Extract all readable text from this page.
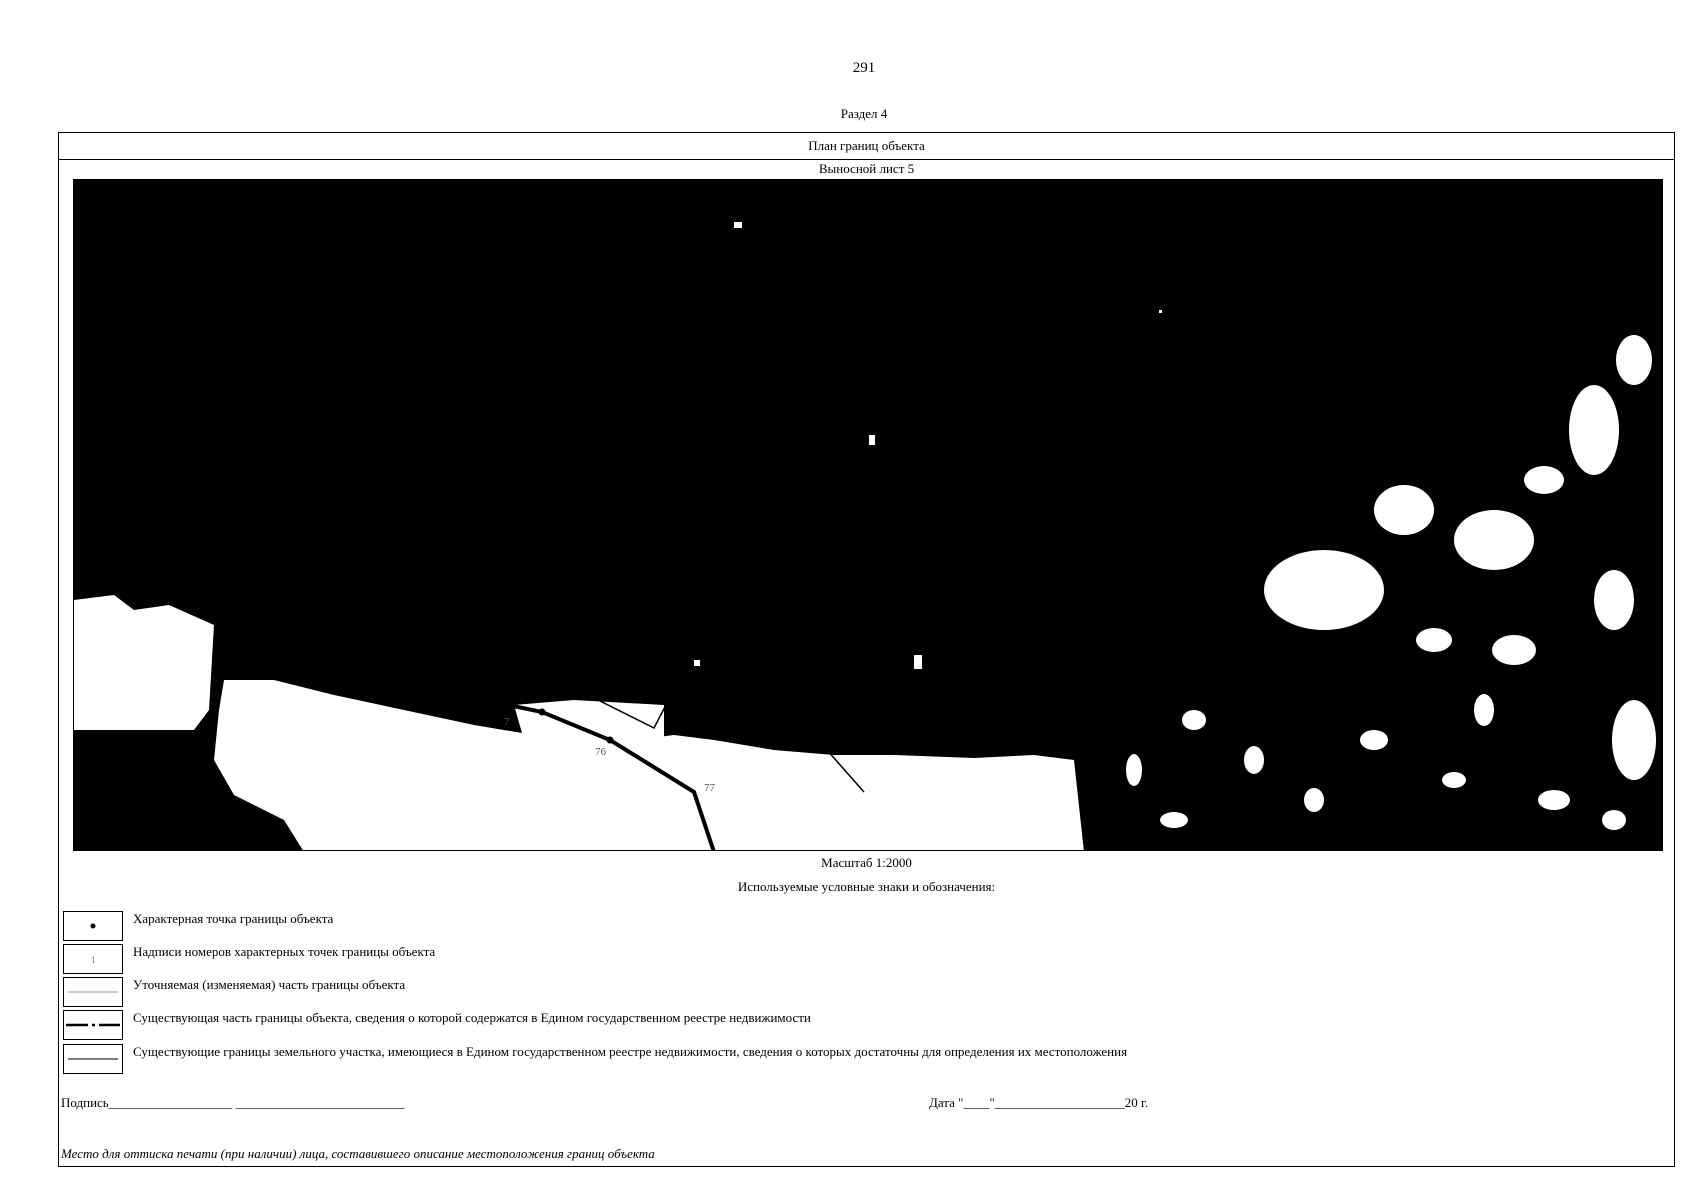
291
Раздел 4
План границ объекта
Выносной лист 5
7
76
77
Масштаб 1:2000
Используемые условные знаки и обозначения:
Характерная точка границы объекта
1
Надписи номеров характерных точек границы объекта
Уточняемая (изменяемая) часть границы объекта
Существующая часть границы объекта, сведения о которой содержатся в Едином государственном реестре недвижимости
Существующие границы земельного участка, имеющиеся в Едином государственном реестре недвижимости, сведения о которых достаточны для определения их местоположения
Подпись___________________ __________________________	Дата "____"____________________20 г.
Место для оттиска печати (при наличии) лица, составившего описание местоположения границ объекта
